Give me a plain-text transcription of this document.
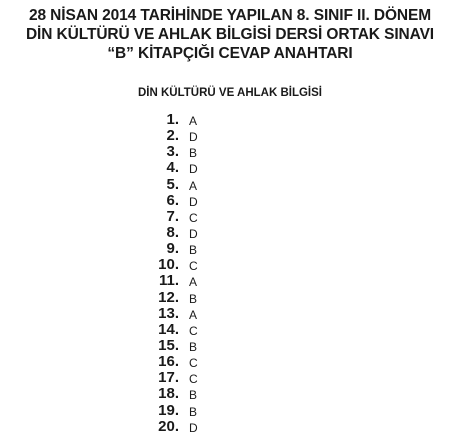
28 NİSAN 2014 TARİHİNDE YAPILAN 8. SINIF II. DÖNEM
DİN KÜLTÜRÜ VE AHLAK BİLGİSİ DERSİ ORTAK SINAVI
“B” KİTAPÇIĞI CEVAP ANAHTARI
DİN KÜLTÜRÜ VE AHLAK BİLGİSİ
1. A
2. D
3. B
4. D
5. A
6. D
7. C
8. D
9. B
10. C
11. A
12. B
13. A
14. C
15. B
16. C
17. C
18. B
19. B
20. D
